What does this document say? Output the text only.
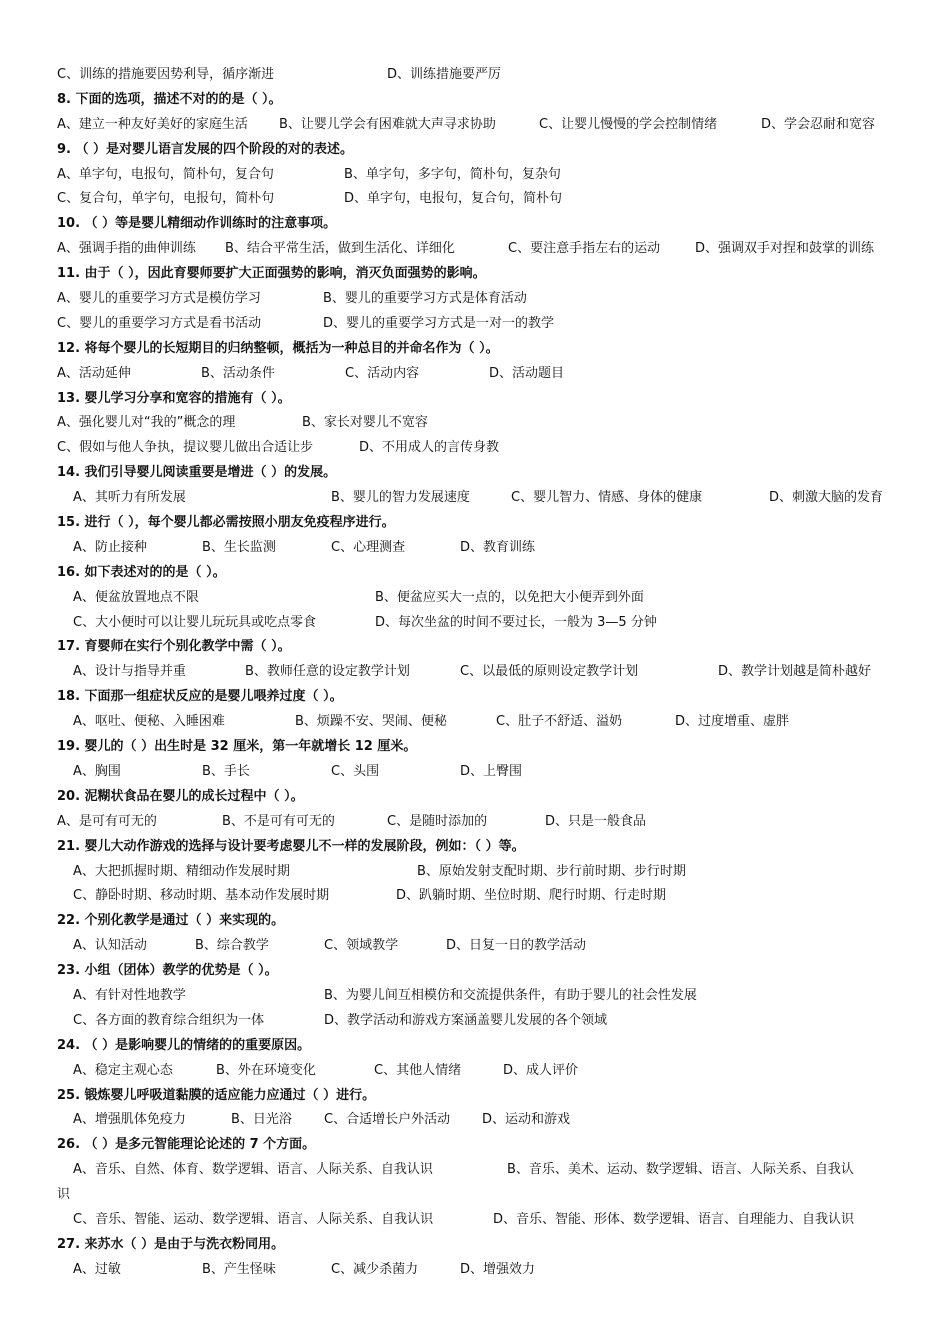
C、训练的措施要因势利导，循序渐进	D、训练措施要严厉
8. 下面的选项，描述不对的的是（ ）。
A、建立一种友好美好的家庭生活	B、让婴儿学会有困难就大声寻求协助	C、让婴儿慢慢的学会控制情绪	D、学会忍耐和宽容
9. （ ）是对婴儿语言发展的四个阶段的对的表述。
A、单字句，电报句，简朴句，复合句	B、单字句，多字句，简朴句，复杂句
C、复合句，单字句，电报句，简朴句	D、单字句，电报句，复合句，简朴句
10. （ ）等是婴儿精细动作训练时的注意事项。
A、强调手指的曲伸训练	B、结合平常生活，做到生活化、详细化	C、要注意手指左右的运动	D、强调双手对捏和鼓掌的训练
11. 由于（ ），因此育婴师要扩大正面强势的影响，消灭负面强势的影响。
A、婴儿的重要学习方式是模仿学习	B、婴儿的重要学习方式是体育活动
C、婴儿的重要学习方式是看书活动	D、婴儿的重要学习方式是一对一的教学
12. 将每个婴儿的长短期目的归纳整顿，概括为一种总目的并命名作为（ ）。
A、活动延伸	B、活动条件	C、活动内容	D、活动题目
13. 婴儿学习分享和宽容的措施有（ ）。
A、强化婴儿对“我的”概念的理	B、家长对婴儿不宽容
C、假如与他人争执，提议婴儿做出合适让步	D、不用成人的言传身教
14. 我们引导婴儿阅读重要是增进（ ）的发展。
A、其听力有所发展	B、婴儿的智力发展速度	C、婴儿智力、情感、身体的健康	D、刺激大脑的发育
15. 进行（ ），每个婴儿都必需按照小朋友免疫程序进行。
A、防止接种	B、生长监测	C、心理测查	D、教育训练
16. 如下表述对的的是（ ）。
A、便盆放置地点不限	B、便盆应买大一点的，以免把大小便弄到外面
C、大小便时可以让婴儿玩玩具或吃点零食	D、每次坐盆的时间不要过长，一般为 3—5 分钟
17. 育婴师在实行个别化教学中需（ ）。
A、设计与指导并重	B、教师任意的设定教学计划	C、以最低的原则设定教学计划	D、教学计划越是简朴越好
18. 下面那一组症状反应的是婴儿喂养过度（ ）。
A、呕吐、便秘、入睡困难	B、烦躁不安、哭闹、便秘	C、肚子不舒适、溢奶	D、过度增重、虚胖
19. 婴儿的（ ）出生时是 32 厘米，第一年就增长 12 厘米。
A、胸围	B、手长	C、头围	D、上臀围
20. 泥糊状食品在婴儿的成长过程中（ ）。
A、是可有可无的	B、不是可有可无的	C、是随时添加的	D、只是一般食品
21. 婴儿大动作游戏的选择与设计要考虑婴儿不一样的发展阶段，例如：（ ）等。
A、大把抓握时期、精细动作发展时期	B、原始发射支配时期、步行前时期、步行时期
C、静卧时期、移动时期、基本动作发展时期	D、趴躺时期、坐位时期、爬行时期、行走时期
22. 个别化教学是通过（ ）来实现的。
A、认知活动	B、综合教学	C、领域教学	D、日复一日的教学活动
23. 小组（团体）教学的优势是（ ）。
A、有针对性地教学	B、为婴儿间互相模仿和交流提供条件，有助于婴儿的社会性发展
C、各方面的教育综合组织为一体	D、教学活动和游戏方案涵盖婴儿发展的各个领域
24. （ ）是影响婴儿的情绪的的重要原因。
A、稳定主观心态	B、外在环境变化	C、其他人情绪	D、成人评价
25. 锻炼婴儿呼吸道黏膜的适应能力应通过（ ）进行。
A、增强肌体免疫力	B、日光浴	C、合适增长户外活动	D、运动和游戏
26. （ ）是多元智能理论论述的 7 个方面。
A、音乐、自然、体育、数学逻辑、语言、人际关系、自我认识	B、音乐、美术、运动、数学逻辑、语言、人际关系、自我认
识
C、音乐、智能、运动、数学逻辑、语言、人际关系、自我认识	D、音乐、智能、形体、数学逻辑、语言、自理能力、自我认识
27. 来苏水（ ）是由于与洗衣粉同用。
A、过敏	B、产生怪味	C、减少杀菌力	D、增强效力
